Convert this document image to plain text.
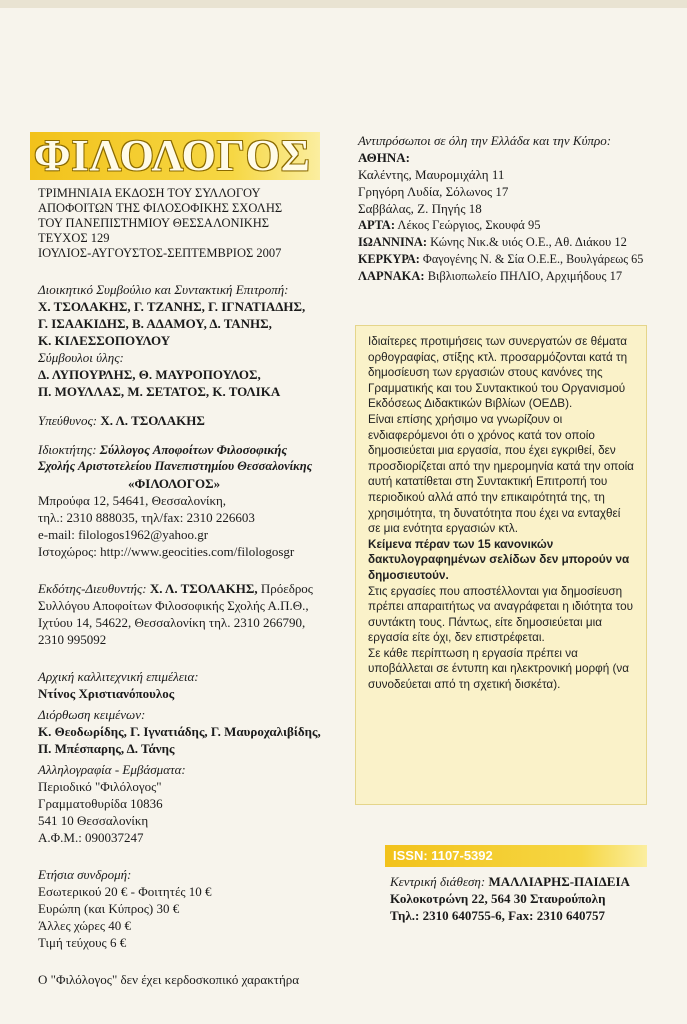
ΦΙΛΟΛΟΓΟΣ
ΤΡΙΜΗΝΙΑΙΑ ΕΚΔΟΣΗ ΤΟΥ ΣΥΛΛΟΓΟΥ
ΑΠΟΦΟΙΤΩΝ ΤΗΣ ΦΙΛΟΣΟΦΙΚΗΣ ΣΧΟΛΗΣ
ΤΟΥ ΠΑΝΕΠΙΣΤΗΜΙΟΥ ΘΕΣΣΑΛΟΝΙΚΗΣ
ΤΕΥΧΟΣ 129
ΙΟΥΛΙΟΣ-ΑΥΓΟΥΣΤΟΣ-ΣΕΠΤΕΜΒΡΙΟΣ 2007
Διοικητικό Συμβούλιο και Συντακτική Επιτροπή:
Χ. ΤΣΟΛΑΚΗΣ, Γ. ΤΖΑΝΗΣ, Γ. ΙΓΝΑΤΙΑΔΗΣ,
Γ. ΙΣΑΑΚΙΔΗΣ, Β. ΑΔΑΜΟΥ, Δ. ΤΑΝΗΣ,
Κ. ΚΙΛΕΣΣΟΠΟΥΛΟΥ
Σύμβουλοι ύλης:
Δ. ΛΥΠΟΥΡΛΗΣ, Θ. ΜΑΥΡΟΠΟΥΛΟΣ,
Π. ΜΟΥΛΛΑΣ, Μ. ΣΕΤΑΤΟΣ, Κ. ΤΟΛΙΚΑ
Υπεύθυνος: Χ. Λ. ΤΣΟΛΑΚΗΣ
Ιδιοκτήτης: Σύλλογος Αποφοίτων Φιλοσοφικής
Σχολής Αριστοτελείου Πανεπιστημίου Θεσσαλονίκης
«ΦΙΛΟΛΟΓΟΣ»
Μπρούφα 12, 54641, Θεσσαλονίκη,
τηλ.: 2310 888035, τηλ/fax: 2310 226603
e-mail: filologos1962@yahoo.gr
Ιστοχώρος: http://www.geocities.com/filologosgr
Εκδότης-Διευθυντής: Χ. Λ. ΤΣΟΛΑΚΗΣ, Πρόεδρος
Συλλόγου Αποφοίτων Φιλοσοφικής Σχολής Α.Π.Θ.,
Ιχτύου 14, 54622, Θεσσαλονίκη τηλ. 2310 266790,
2310 995092
Αρχική καλλιτεχνική επιμέλεια:
Ντίνος Χριστιανόπουλος
Διόρθωση κειμένων:
Κ. Θεοδωρίδης, Γ. Ιγνατιάδης, Γ. Μαυροχαλιβίδης,
Π. Μπέσπαρης, Δ. Τάνης
Αλληλογραφία - Εμβάσματα:
Περιοδικό "Φιλόλογος"
Γραμματοθυρίδα 10836
541 10 Θεσσαλονίκη
Α.Φ.Μ.: 090037247
Ετήσια συνδρομή:
Εσωτερικού 20 € - Φοιτητές 10 €
Ευρώπη (και Κύπρος) 30 €
Άλλες χώρες 40 €
Τιμή τεύχους 6 €
Ο "Φιλόλογος" δεν έχει κερδοσκοπικό χαρακτήρα
Αντιπρόσωποι σε όλη την Ελλάδα και την Κύπρο:
ΑΘΗΝΑ:
Καλέντης, Μαυρομιχάλη 11
Γρηγόρη Λυδία, Σόλωνος 17
Σαββάλας, Ζ. Πηγής 18
ΑΡΤΑ: Λέκος Γεώργιος, Σκουφά 95
ΙΩΑΝΝΙΝΑ: Κώνης Νικ.& υιός Ο.Ε., Αθ. Διάκου 12
ΚΕΡΚΥΡΑ: Φαγογένης Ν. & Σία Ο.Ε.Ε., Βουλγάρεως 65
ΛΑΡΝΑΚΑ: Βιβλιοπωλείο ΠΗΛΙΟ, Αρχιμήδους 17

Ιδιαίτερες προτιμήσεις των συνεργατών σε θέματα ορθογραφίας, στίξης κτλ. προσαρμόζονται κατά τη δημοσίευση των εργασιών στους κανόνες της Γραμματικής και του Συντακτικού του Οργανισμού Εκδόσεως Διδακτικών Βιβλίων (ΟΕΔΒ).

Είναι επίσης χρήσιμο να γνωρίζουν οι ενδιαφερόμενοι ότι ο χρόνος κατά τον οποίο δημοσιεύεται μια εργασία, που έχει εγκριθεί, δεν προσδιορίζεται από την ημερομηνία κατά την οποία αυτή κατατίθεται στη Συντακτική Επιτροπή του περιοδικού αλλά από την επικαιρότητά της, τη χρησιμότητα, τη δυνατότητα που έχει να ενταχθεί σε μια ενότητα εργασιών κτλ.

Κείμενα πέραν των 15 κανονικών δακτυλογραφημένων σελίδων δεν μπορούν να δημοσιευτούν.

Στις εργασίες που αποστέλλονται για δημοσίευση πρέπει απαραιτήτως να αναγράφεται η ιδιότητα του συντάκτη τους. Πάντως, είτε δημοσιεύεται μια εργασία είτε όχι, δεν επιστρέφεται.

Σε κάθε περίπτωση η εργασία πρέπει να υποβάλλεται σε έντυπη και ηλεκτρονική μορφή (να συνοδεύεται από τη σχετική δισκέτα).

ISSN: 1107-5392
Κεντρική διάθεση: ΜΑΛΛΙΑΡΗΣ-ΠΑΙΔΕΙΑ
Κολοκοτρώνη 22, 564 30 Σταυρούπολη
Τηλ.: 2310 640755-6, Fax: 2310 640757
